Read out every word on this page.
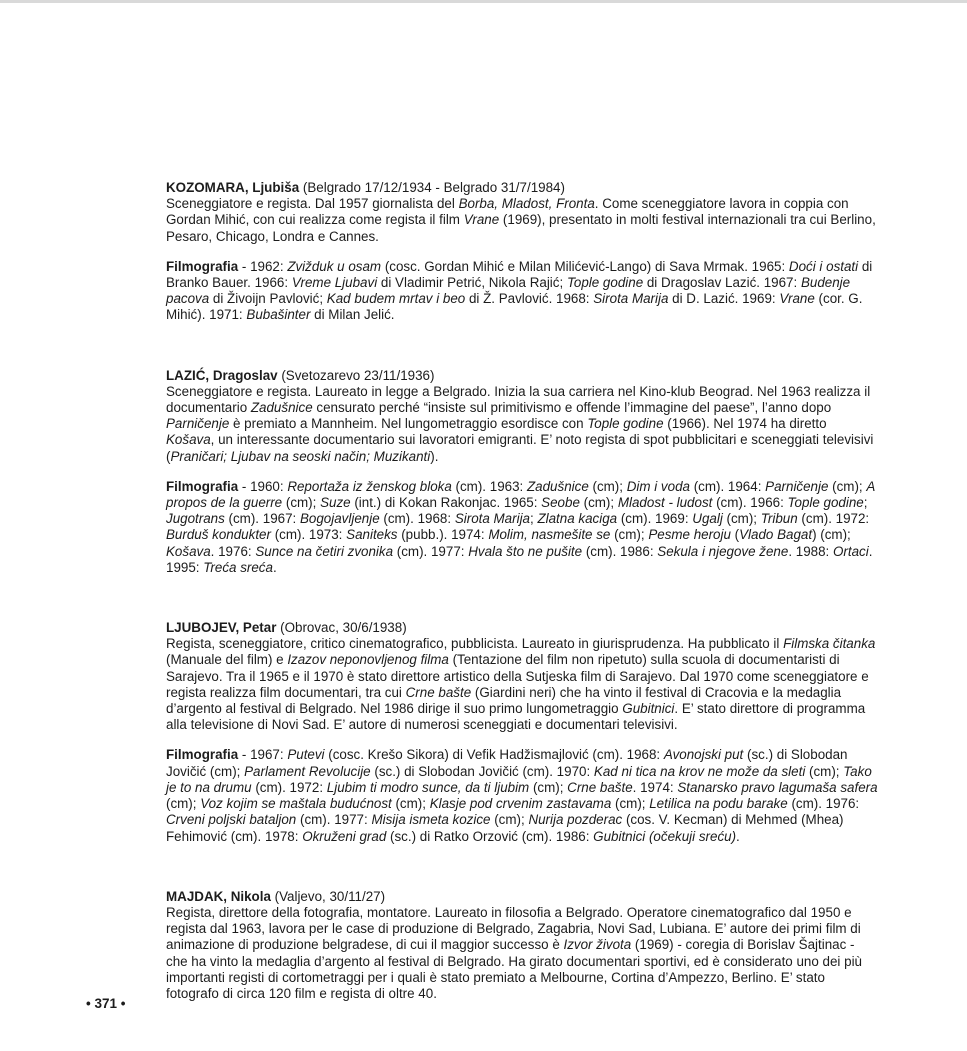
KOZOMARA, Ljubiša (Belgrado 17/12/1934 - Belgrado 31/7/1984)
Sceneggiatore e regista. Dal 1957 giornalista del Borba, Mladost, Fronta. Come sceneggiatore lavora in coppia con Gordan Mihić, con cui realizza come regista il film Vrane (1969), presentato in molti festival internazionali tra cui Berlino, Pesaro, Chicago, Londra e Cannes.

Filmografia - 1962: Zvižduk u osam (cosc. Gordan Mihić e Milan Milićević-Lango) di Sava Mrmak. 1965: Doći i ostati di Branko Bauer. 1966: Vreme Ljubavi di Vladimir Petrić, Nikola Rajić; Tople godine di Dragoslav Lazić. 1967: Budenje pacova di Živoijn Pavlović; Kad budem mrtav i beo di Ž. Pavlović. 1968: Sirota Marija di D. Lazić. 1969: Vrane (cor. G. Mihić). 1971: Bubašinter di Milan Jelić.

LAZIĆ, Dragoslav (Svetozarevo 23/11/1936)
Sceneggiatore e regista. Laureato in legge a Belgrado. Inizia la sua carriera nel Kino-klub Beograd. Nel 1963 realizza il documentario Zadušnice censurato perché “insiste sul primitivismo e offende l’immagine del paese”, l’anno dopo Parničenje è premiato a Mannheim. Nel lungometraggio esordisce con Tople godine (1966). Nel 1974 ha diretto Košava, un interessante documentario sui lavoratori emigranti. E’ noto regista di spot pubblicitari e sceneggiati televisivi (Praničari; Ljubav na seoski način; Muzikanti).

Filmografia - 1960: Reportaža iz ženskog bloka (cm). 1963: Zadušnice (cm); Dim i voda (cm). 1964: Parničenje (cm); A propos de la guerre (cm); Suze (int.) di Kokan Rakonjac. 1965: Seobe (cm); Mladost - ludost (cm). 1966: Tople godine; Jugotrans (cm). 1967: Bogojavljenje (cm). 1968: Sirota Marija; Zlatna kaciga (cm). 1969: Ugalj (cm); Tribun (cm). 1972: Burduš kondukter (cm). 1973: Saniteks (pubb.). 1974: Molim, nasmešite se (cm); Pesme heroju (Vlado Bagat) (cm); Košava. 1976: Sunce na četiri zvonika (cm). 1977: Hvala što ne pušite (cm). 1986: Sekula i njegove žene. 1988: Ortaci. 1995: Treća sreća.

LJUBOJEV, Petar (Obrovac, 30/6/1938)
Regista, sceneggiatore, critico cinematografico, pubblicista. Laureato in giurisprudenza. Ha pubblicato il Filmska čitanka (Manuale del film) e Izazov neponovljenog filma (Tentazione del film non ripetuto) sulla scuola di documentaristi di Sarajevo. Tra il 1965 e il 1970 è stato direttore artistico della Sutjeska film di Sarajevo. Dal 1970 come sceneggiatore e regista realizza film documentari, tra cui Crne bašte (Giardini neri) che ha vinto il festival di Cracovia e la medaglia d’argento al festival di Belgrado. Nel 1986 dirige il suo primo lungometraggio Gubitnici. E’ stato direttore di programma alla televisione di Novi Sad. E’ autore di numerosi sceneggiati e documentari televisivi.

Filmografia - 1967: Putevi (cosc. Krešo Sikora) di Vefik Hadžismajlović (cm). 1968: Avonojski put (sc.) di Slobodan Jovičić (cm); Parlament Revolucije (sc.) di Slobodan Jovičić (cm). 1970: Kad ni tica na krov ne može da sleti (cm); Tako je to na drumu (cm). 1972: Ljubim ti modro sunce, da ti ljubim (cm); Crne bašte. 1974: Stanarsko pravo lagumaša safera (cm); Voz kojim se maštala budućnost (cm); Klasje pod crvenim zastavama (cm); Letilica na podu barake (cm). 1976: Crveni poljski bataljon (cm). 1977: Misija ismeta kozice (cm); Nurija pozderac (cos. V. Kecman) di Mehmed (Mhea) Fehimović (cm). 1978: Okruženi grad (sc.) di Ratko Orzović (cm). 1986: Gubitnici (očekuji sreću).

MAJDAK, Nikola (Valjevo, 30/11/27)
Regista, direttore della fotografia, montatore. Laureato in filosofia a Belgrado. Operatore cinematografico dal 1950 e regista dal 1963, lavora per le case di produzione di Belgrado, Zagabria, Novi Sad, Lubiana. E’ autore dei primi film di animazione di produzione belgradese, di cui il maggior successo è Izvor života (1969) - coregia di Borislav Šajtinac - che ha vinto la medaglia d’argento al festival di Belgrado. Ha girato documentari sportivi, ed è considerato uno dei più importanti registi di cortometraggi per i quali è stato premiato a Melbourne, Cortina d’Ampezzo, Berlino. E’ stato fotografo di circa 120 film e regista di oltre 40.

• 371 •
